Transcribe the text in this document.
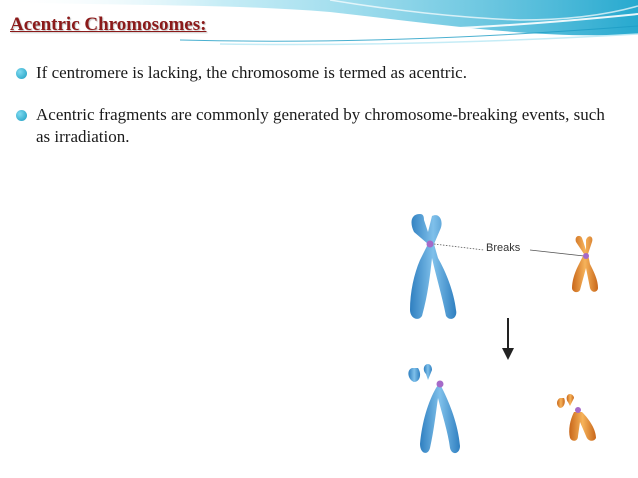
Acentric Chromosomes:
If centromere is lacking, the chromosome is termed as acentric.
Acentric fragments are commonly generated by chromosome-breaking events, such as irradiation.
Breaks
